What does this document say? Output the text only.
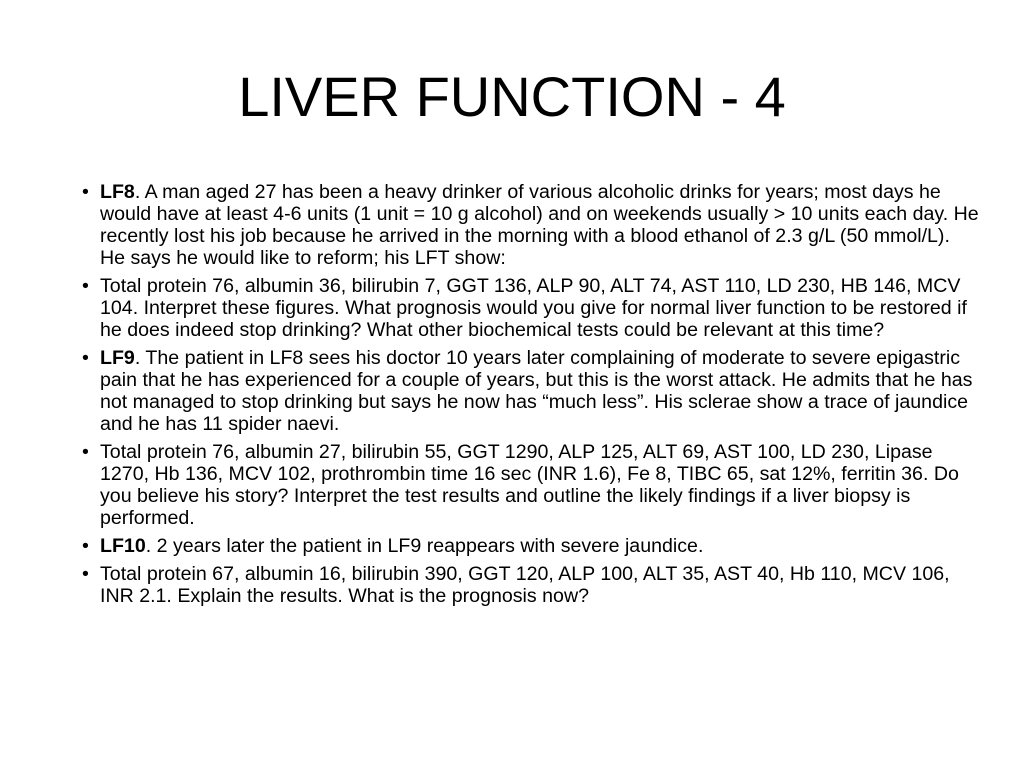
LIVER FUNCTION - 4
• LF8. A man aged 27 has been a heavy drinker of various alcoholic drinks for years; most days he would have at least 4-6 units (1 unit = 10 g alcohol) and on weekends usually > 10 units each day. He recently lost his job because he arrived in the morning with a blood ethanol of 2.3 g/L (50 mmol/L). He says he would like to reform; his LFT show:
• Total protein 76, albumin 36, bilirubin 7, GGT 136, ALP 90, ALT 74, AST 110, LD 230, HB 146, MCV 104. Interpret these figures. What prognosis would you give for normal liver function to be restored if he does indeed stop drinking? What other biochemical tests could be relevant at this time?
• LF9. The patient in LF8 sees his doctor 10 years later complaining of moderate to severe epigastric pain that he has experienced for a couple of years, but this is the worst attack. He admits that he has not managed to stop drinking but says he now has “much less”. His sclerae show a trace of jaundice and he has 11 spider naevi.
• Total protein 76, albumin 27, bilirubin 55, GGT 1290, ALP 125, ALT 69, AST 100, LD 230, Lipase 1270, Hb 136, MCV 102, prothrombin time 16 sec (INR 1.6), Fe 8, TIBC 65, sat 12%, ferritin 36. Do you believe his story? Interpret the test results and outline the likely findings if a liver biopsy is performed.
• LF10. 2 years later the patient in LF9 reappears with severe jaundice.
• Total protein 67, albumin 16, bilirubin 390, GGT 120, ALP 100, ALT 35, AST 40, Hb 110, MCV 106, INR 2.1. Explain the results. What is the prognosis now?
